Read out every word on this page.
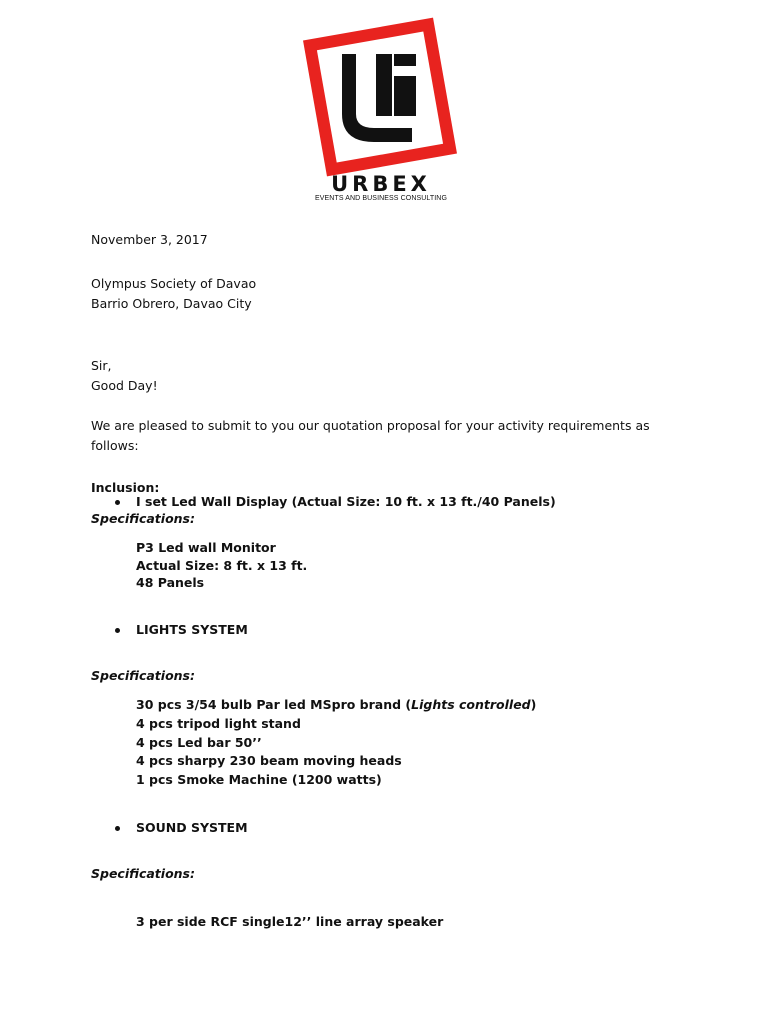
URBEX
EVENTS AND BUSINESS CONSULTING
November 3, 2017
Olympus Society of Davao
Barrio Obrero, Davao City
Sir,
Good Day!
We are pleased to submit to you our quotation proposal for your activity requirements as
follows:
Inclusion:
I set Led Wall Display (Actual Size: 10 ft. x 13 ft./40 Panels)
Specifications:
P3 Led wall Monitor
Actual Size: 8 ft. x 13 ft.
48 Panels
LIGHTS SYSTEM
Specifications:
30 pcs 3/54 bulb Par led MSpro brand (Lights controlled)
4 pcs tripod light stand
4 pcs Led bar 50’’
4 pcs sharpy 230 beam moving heads
1 pcs Smoke Machine (1200 watts)
SOUND SYSTEM
Specifications:
3 per side RCF single12’’ line array speaker
